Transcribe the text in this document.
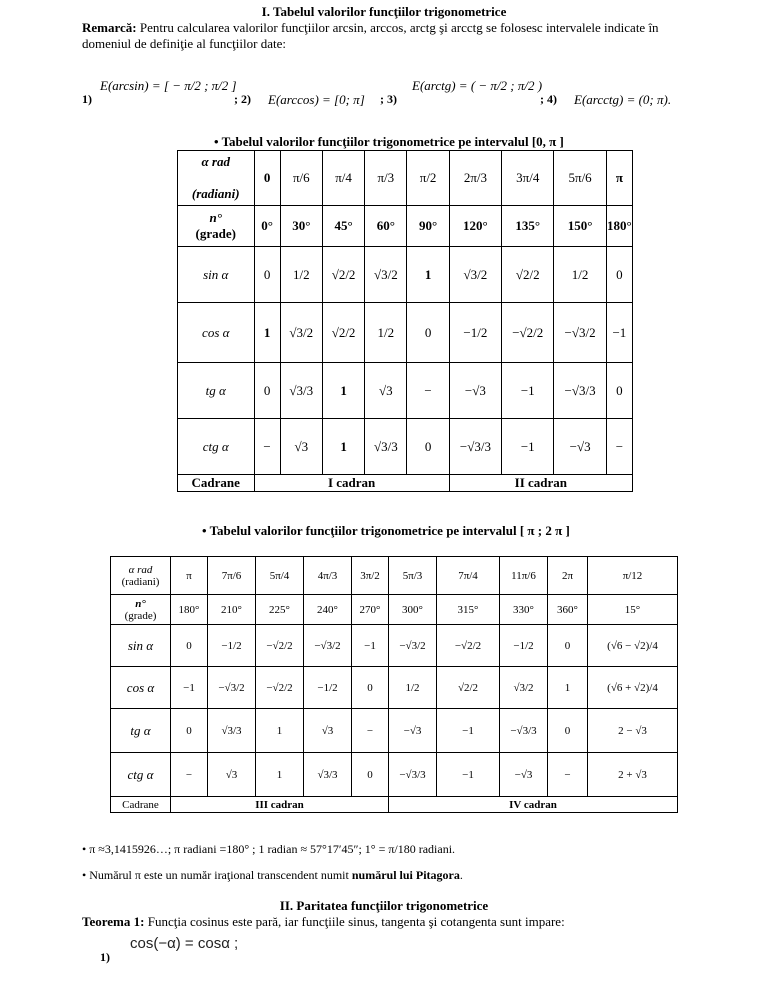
I. Tabelul valorilor funcţiilor trigonometrice
Remarcă: Pentru calcularea valorilor funcţiilor arcsin, arccos, arctg şi arcctg se folosesc intervalele indicate în
domeniul de definiţie al funcţiilor date:
1)
E(arcsin) = [ − π/2 ; π/2 ]
; 2) E(arccos) = [0; π] ; 3)
E(arctg) = ( − π/2 ; π/2 )
; 4) E(arcctg) = (0; π).
• Tabelul valorilor funcţiilor trigonometrice pe intervalul [0, π ]
α rad

(radiani)	0	π/6	π/4	π/3	π/2	2π/3	3π/4	5π/6	π
n°
(grade)	0°	30°	45°	60°	90°	120°	135°	150°	180°
sin α	0	1/2	√2/2	√3/2	1	√3/2	√2/2	1/2	0
cos α	1	√3/2	√2/2	1/2	0	−1/2	−√2/2	−√3/2	−1
tg α	0	√3/3	1	√3	−	−√3	−1	−√3/3	0
ctg α	−	√3	1	√3/3	0	−√3/3	−1	−√3	−
Cadrane	I cadran					II cadran			
• Tabelul valorilor funcţiilor trigonometrice pe intervalul [ π ; 2 π ]
α rad
(radiani)	π	7π/6	5π/4	4π/3	3π/2	5π/3	7π/4	11π/6	2π	π/12
n°
(grade)	180°	210°	225°	240°	270°	300°	315°	330°	360°	15°
sin α	0	−1/2	−√2/2	−√3/2	−1	−√3/2	−√2/2	−1/2	0	(√6 − √2)/4
cos α	−1	−√3/2	−√2/2	−1/2	0	1/2	√2/2	√3/2	1	(√6 + √2)/4
tg α	0	√3/3	1	√3	−	−√3	−1	−√3/3	0	2 − √3
ctg α	−	√3	1	√3/3	0	−√3/3	−1	−√3	−	2 + √3
Cadrane	III cadran					IV cadran				
• π ≈3,1415926…; π radiani =180° ; 1 radian ≈ 57°17′45″; 1° = π/180 radiani.
• Numărul π este un număr iraţional transcendent numit numărul lui Pitagora.
II. Paritatea funcţiilor trigonometrice
Teorema 1: Funcţia cosinus este pară, iar funcţiile sinus, tangenta şi cotangenta sunt impare:
1)
cos(−α) = cosα ;
